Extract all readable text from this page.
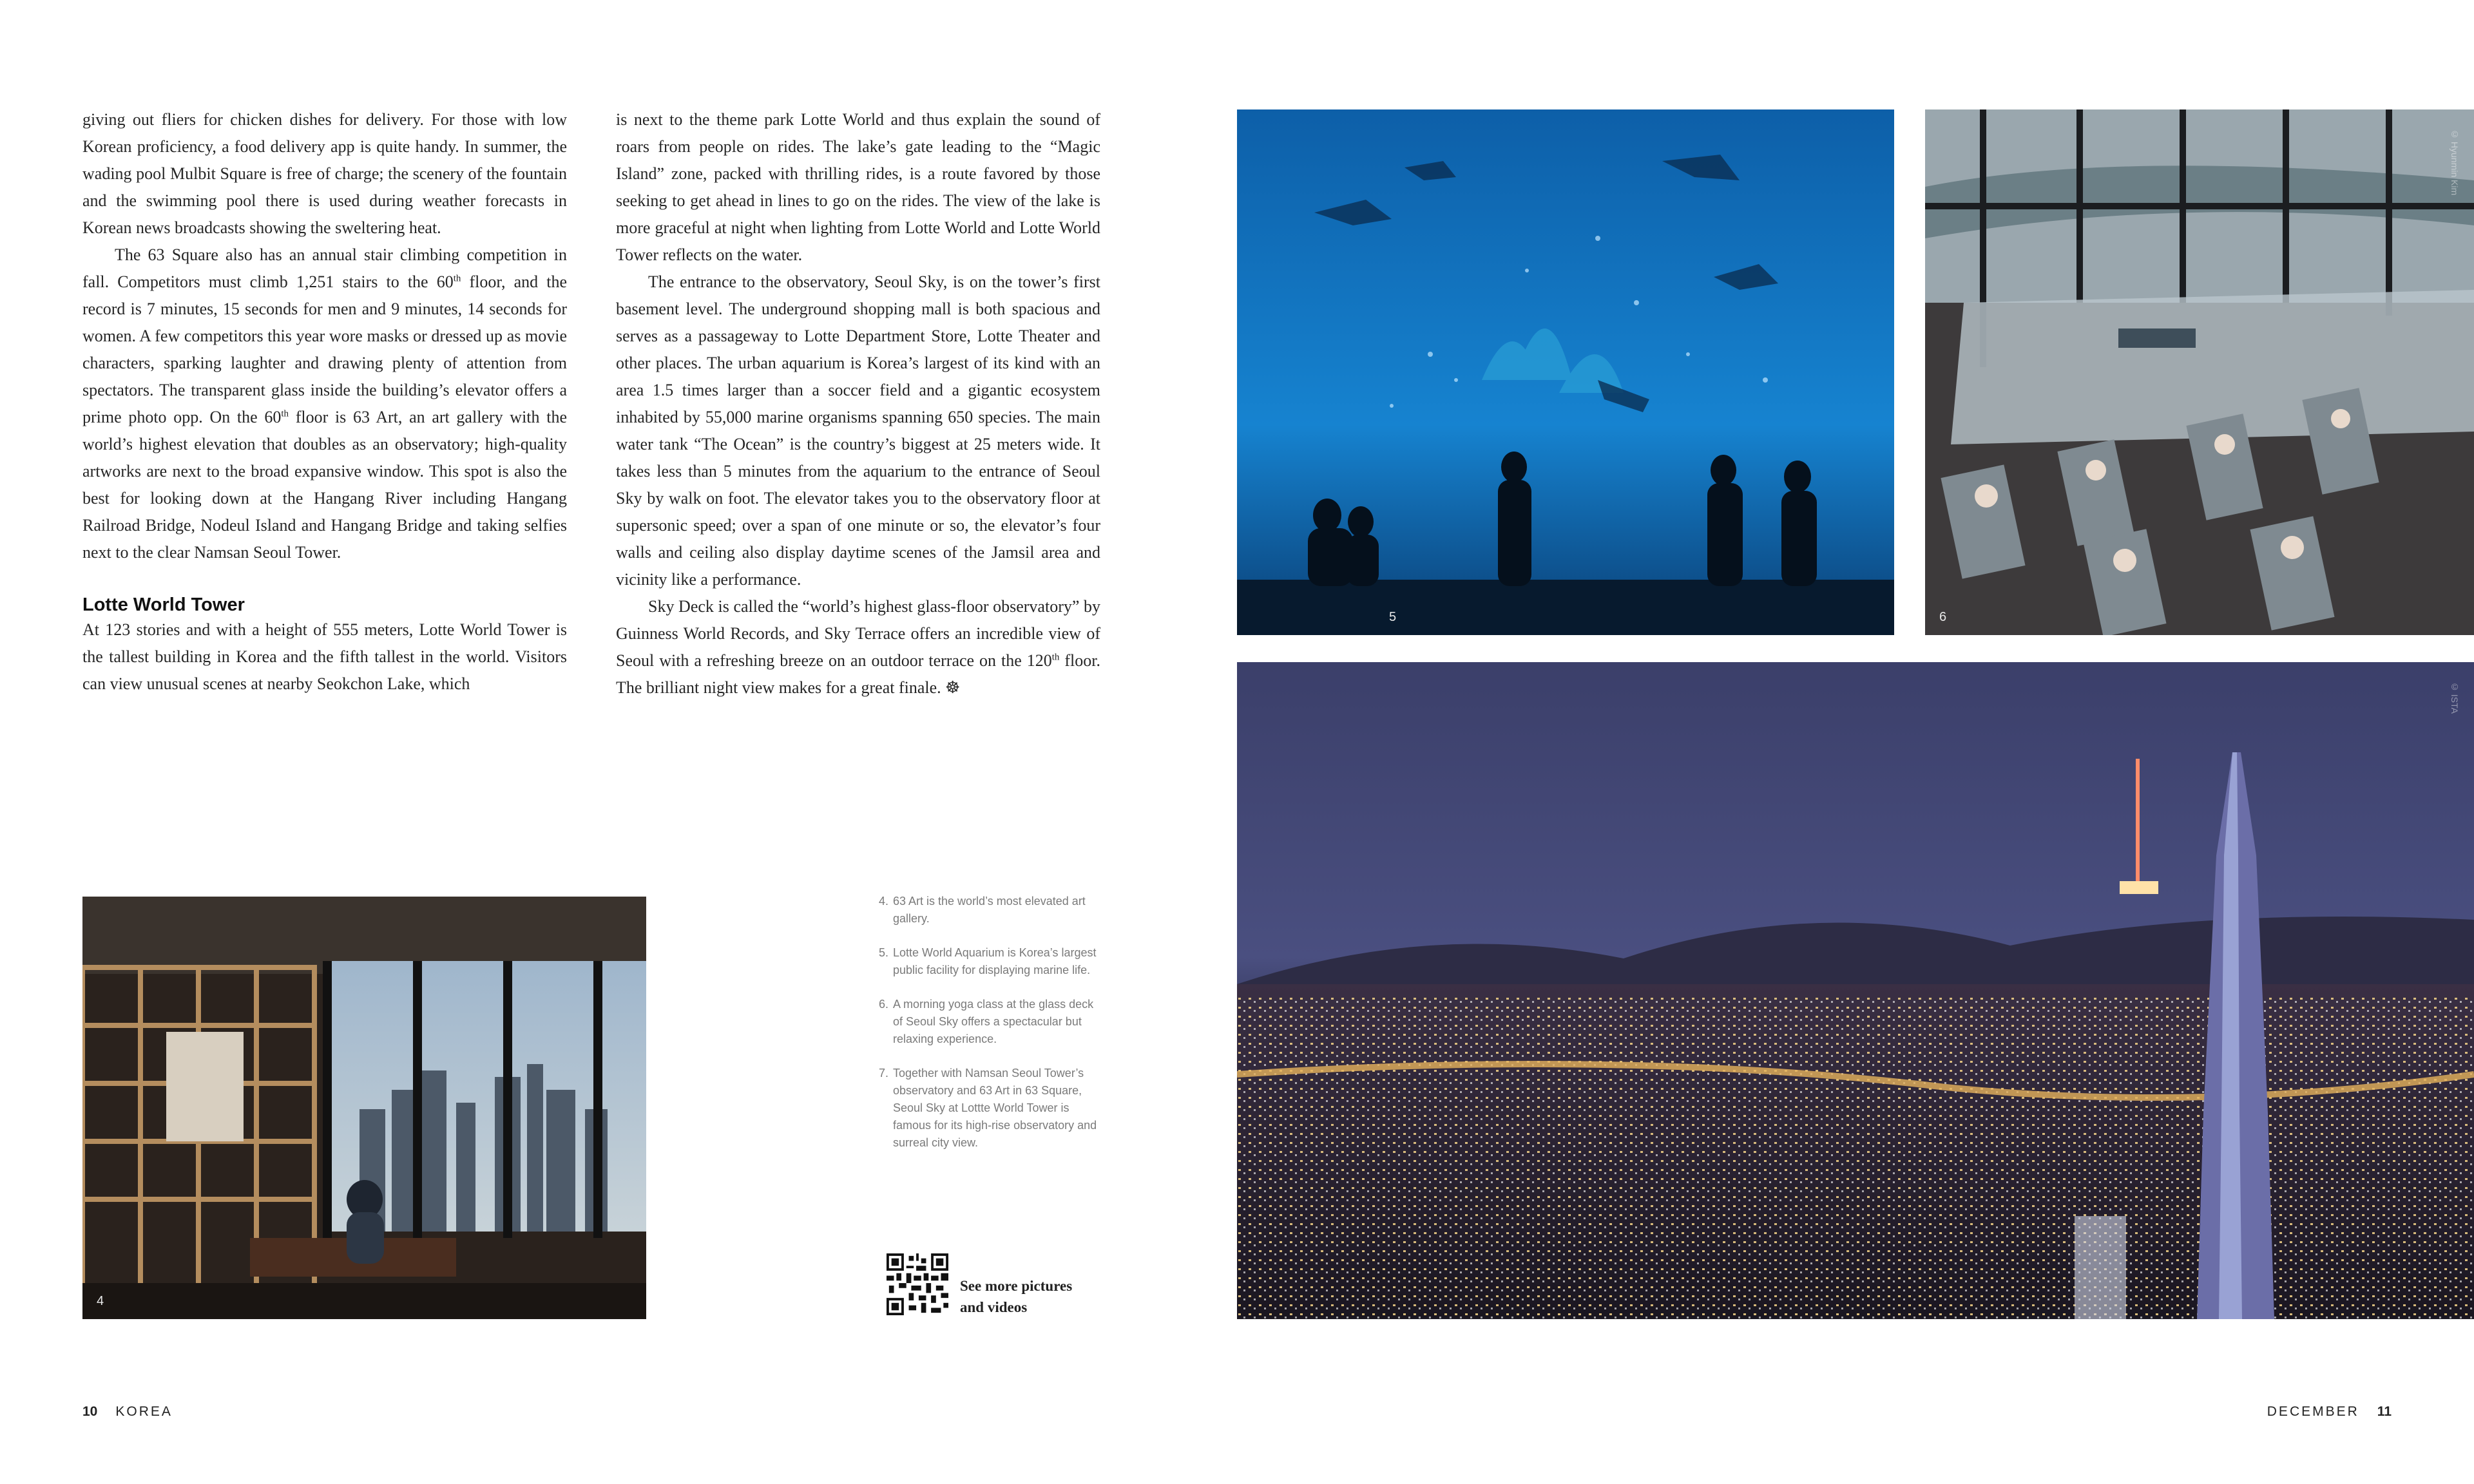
giving out fliers for chicken dishes for delivery. For those with low Korean proficiency, a food delivery app is quite handy. In summer, the wading pool Mulbit Square is free of charge; the scenery of the fountain and the swimming pool there is used during weather forecasts in Korean news broadcasts showing the sweltering heat.

The 63 Square also has an annual stair climbing competition in fall. Competitors must climb 1,251 stairs to the 60th floor, and the record is 7 minutes, 15 seconds for men and 9 minutes, 14 seconds for women. A few competitors this year wore masks or dressed up as movie characters, sparking laughter and drawing plenty of attention from spectators. The transparent glass inside the building’s elevator offers a prime photo opp. On the 60th floor is 63 Art, an art gallery with the world’s highest elevation that doubles as an observatory; high-quality artworks are next to the broad expansive window. This spot is also the best for looking down at the Hangang River including Hangang Railroad Bridge, Nodeul Island and Hangang Bridge and taking selfies next to the clear Namsan Seoul Tower.

Lotte World Tower

At 123 stories and with a height of 555 meters, Lotte World Tower is the tallest building in Korea and the fifth tallest in the world. Visitors can view unusual scenes at nearby Seokchon Lake, which

is next to the theme park Lotte World and thus explain the sound of roars from people on rides. The lake’s gate leading to the “Magic Island” zone, packed with thrilling rides, is a route favored by those seeking to get ahead in lines to go on the rides. The view of the lake is more graceful at night when lighting from Lotte World and Lotte World Tower reflects on the water.

The entrance to the observatory, Seoul Sky, is on the tower’s first basement level. The underground shopping mall is both spacious and serves as a passageway to Lotte Department Store, Lotte Theater and other places. The urban aquarium is Korea’s largest of its kind with an area 1.5 times larger than a soccer field and a gigantic ecosystem inhabited by 55,000 marine organisms spanning 650 species. The main water tank “The Ocean” is the country’s biggest at 25 meters wide. It takes less than 5 minutes from the aquarium to the entrance of Seoul Sky by walk on foot. The elevator takes you to the observatory floor at supersonic speed; over a span of one minute or so, the elevator’s four walls and ceiling also display daytime scenes of the Jamsil area and vicinity like a performance.

Sky Deck is called the “world’s highest glass-floor observatory” by Guinness World Records, and Sky Terrace offers an incredible view of Seoul with a refreshing breeze on an outdoor terrace on the 120th floor. The brilliant night view makes for a great finale. ☸

4
5	6
© Hyunmin Kim
© ISTA
4. 63 Art is the world’s most elevated art gallery.
5. Lotte World Aquarium is Korea’s largest public facility for displaying marine life.
6. A morning yoga class at the glass deck of Seoul Sky offers a spectacular but relaxing experience.
7. Together with Namsan Seoul Tower’s observatory and 63 Art in 63 Square, Seoul Sky at Lottte World Tower is famous for its high-rise observatory and surreal city view.
See more pictures
and videos
10 KOREA	DECEMBER 11
